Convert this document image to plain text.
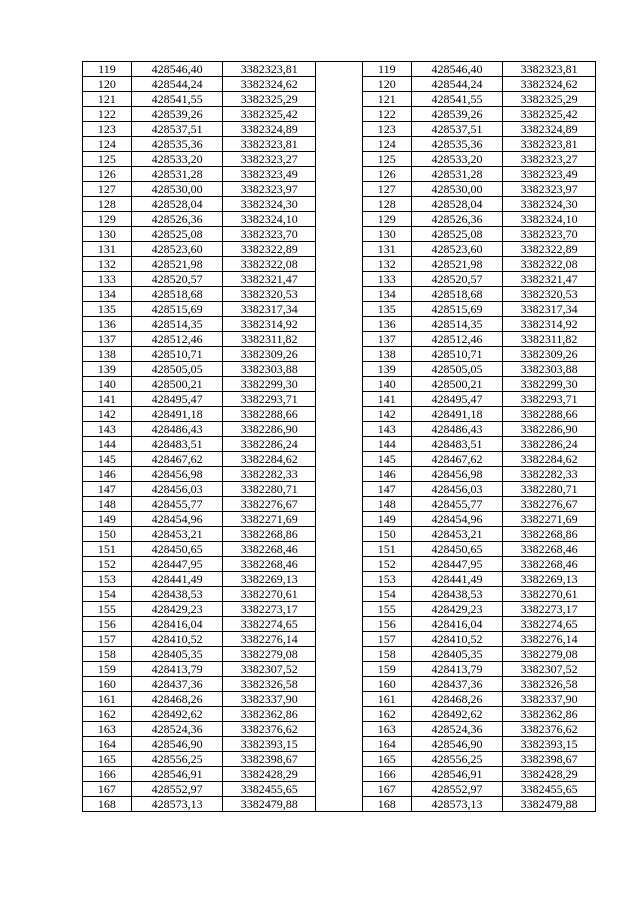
119	428546,40	3382323,81		119	428546,40	3382323,81
120	428544,24	3382324,62		120	428544,24	3382324,62
121	428541,55	3382325,29		121	428541,55	3382325,29
122	428539,26	3382325,42		122	428539,26	3382325,42
123	428537,51	3382324,89		123	428537,51	3382324,89
124	428535,36	3382323,81		124	428535,36	3382323,81
125	428533,20	3382323,27		125	428533,20	3382323,27
126	428531,28	3382323,49		126	428531,28	3382323,49
127	428530,00	3382323,97		127	428530,00	3382323,97
128	428528,04	3382324,30		128	428528,04	3382324,30
129	428526,36	3382324,10		129	428526,36	3382324,10
130	428525,08	3382323,70		130	428525,08	3382323,70
131	428523,60	3382322,89		131	428523,60	3382322,89
132	428521,98	3382322,08		132	428521,98	3382322,08
133	428520,57	3382321,47		133	428520,57	3382321,47
134	428518,68	3382320,53		134	428518,68	3382320,53
135	428515,69	3382317,34		135	428515,69	3382317,34
136	428514,35	3382314,92		136	428514,35	3382314,92
137	428512,46	3382311,82		137	428512,46	3382311,82
138	428510,71	3382309,26		138	428510,71	3382309,26
139	428505,05	3382303,88		139	428505,05	3382303,88
140	428500,21	3382299,30		140	428500,21	3382299,30
141	428495,47	3382293,71		141	428495,47	3382293,71
142	428491,18	3382288,66		142	428491,18	3382288,66
143	428486,43	3382286,90		143	428486,43	3382286,90
144	428483,51	3382286,24		144	428483,51	3382286,24
145	428467,62	3382284,62		145	428467,62	3382284,62
146	428456,98	3382282,33		146	428456,98	3382282,33
147	428456,03	3382280,71		147	428456,03	3382280,71
148	428455,77	3382276,67		148	428455,77	3382276,67
149	428454,96	3382271,69		149	428454,96	3382271,69
150	428453,21	3382268,86		150	428453,21	3382268,86
151	428450,65	3382268,46		151	428450,65	3382268,46
152	428447,95	3382268,46		152	428447,95	3382268,46
153	428441,49	3382269,13		153	428441,49	3382269,13
154	428438,53	3382270,61		154	428438,53	3382270,61
155	428429,23	3382273,17		155	428429,23	3382273,17
156	428416,04	3382274,65		156	428416,04	3382274,65
157	428410,52	3382276,14		157	428410,52	3382276,14
158	428405,35	3382279,08		158	428405,35	3382279,08
159	428413,79	3382307,52		159	428413,79	3382307,52
160	428437,36	3382326,58		160	428437,36	3382326,58
161	428468,26	3382337,90		161	428468,26	3382337,90
162	428492,62	3382362,86		162	428492,62	3382362,86
163	428524,36	3382376,62		163	428524,36	3382376,62
164	428546,90	3382393,15		164	428546,90	3382393,15
165	428556,25	3382398,67		165	428556,25	3382398,67
166	428546,91	3382428,29		166	428546,91	3382428,29
167	428552,97	3382455,65		167	428552,97	3382455,65
168	428573,13	3382479,88		168	428573,13	3382479,88
